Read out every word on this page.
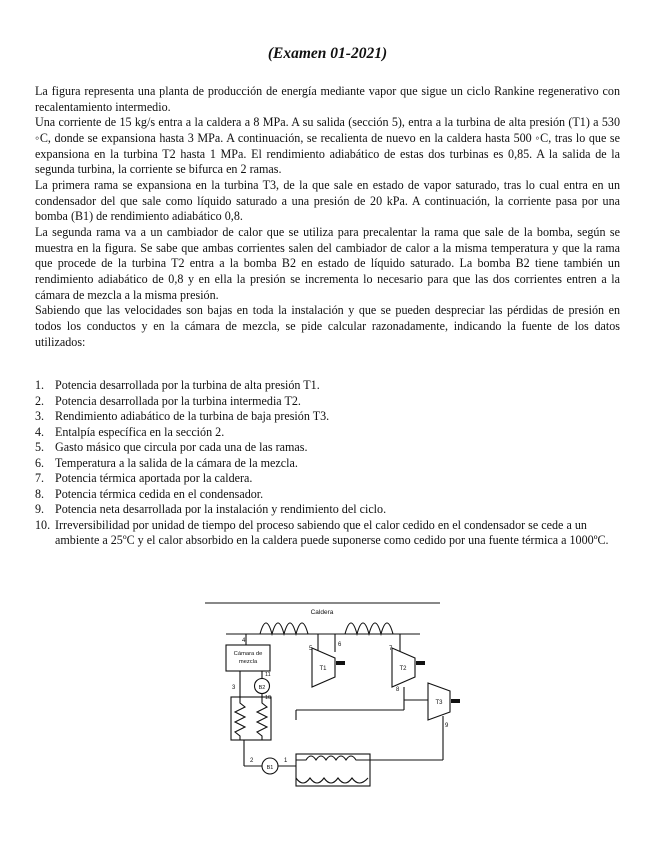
(Examen 01-2021)

La figura representa una planta de producción de energía mediante vapor que sigue un ciclo Rankine regenerativo con recalentamiento intermedio.

Una corriente de 15 kg/s entra a la caldera a 8 MPa. A su salida (sección 5), entra a la turbina de alta presión (T1) a 530 ◦C, donde se expansiona hasta 3 MPa. A continuación, se recalienta de nuevo en la caldera hasta 500 ◦C, tras lo que se expansiona en la turbina T2 hasta 1 MPa. El rendimiento adiabático de estas dos turbinas es 0,85. A la salida de la segunda turbina, la corriente se bifurca en 2 ramas.

La primera rama se expansiona en la turbina T3, de la que sale en estado de vapor saturado, tras lo cual entra en un condensador del que sale como líquido saturado a una presión de 20 kPa. A continuación, la corriente pasa por una bomba (B1) de rendimiento adiabático 0,8.

La segunda rama va a un cambiador de calor que se utiliza para precalentar la rama que sale de la bomba, según se muestra en la figura. Se sabe que ambas corrientes salen del cambiador de calor a la misma temperatura y que la rama que procede de la turbina T2 entra a la bomba B2 en estado de líquido saturado. La bomba B2 tiene también un rendimiento adiabático de 0,8 y en ella la presión se incrementa lo necesario para que las dos corrientes entren a la cámara de mezcla a la misma presión.

Sabiendo que las velocidades son bajas en toda la instalación y que se pueden despreciar las pérdidas de presión en todos los conductos y en la cámara de mezcla, se pide calcular razonadamente, indicando la fuente de los datos utilizados:

1. Potencia desarrollada por la turbina de alta presión T1.
2. Potencia desarrollada por la turbina intermedia T2.
3. Rendimiento adiabático de la turbina de baja presión T3.
4. Entalpía específica en la sección 2.
5. Gasto másico que circula por cada una de las ramas.
6. Temperatura a la salida de la cámara de la mezcla.
7. Potencia térmica aportada por la caldera.
8. Potencia térmica cedida en el condensador.
9. Potencia neta desarrollada por la instalación y rendimiento del ciclo.
10. Irreversibilidad por unidad de tiempo del proceso sabiendo que el calor cedido en el condensador se cede a un ambiente a 25ºC y el calor absorbido en la caldera puede suponerse como cedido por una fuente térmica a 1000ºC.
Caldera
Cámara de
mezcla
T1	T2
T3
B1
B2
1
2
3
4
5
6
7
8
9
10
11
